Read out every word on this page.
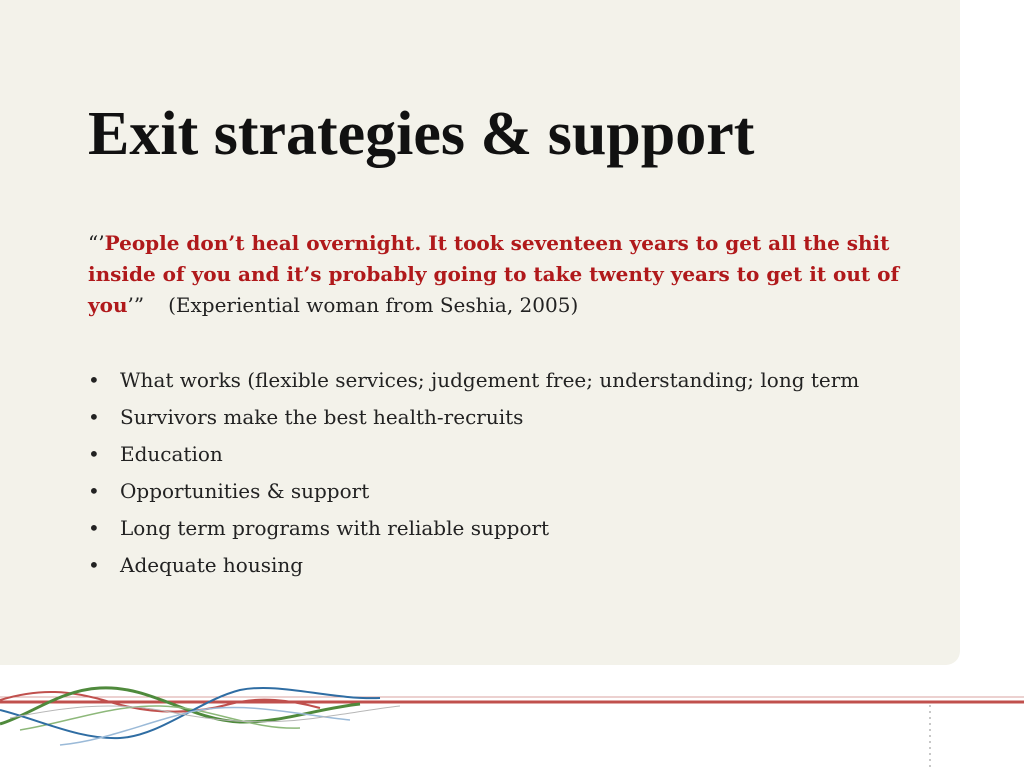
Exit strategies & support

“’People don’t heal overnight. It took seventeen years to get all the shit inside of you and it’s probably going to take twenty years to get it out of you’” (Experiential woman from Seshia, 2005)

•	What works (flexible services; judgement free; understanding; long term
•	Survivors make the best health-recruits
•	Education
•	Opportunities & support
•	Long term programs with reliable support
•	Adequate housing
